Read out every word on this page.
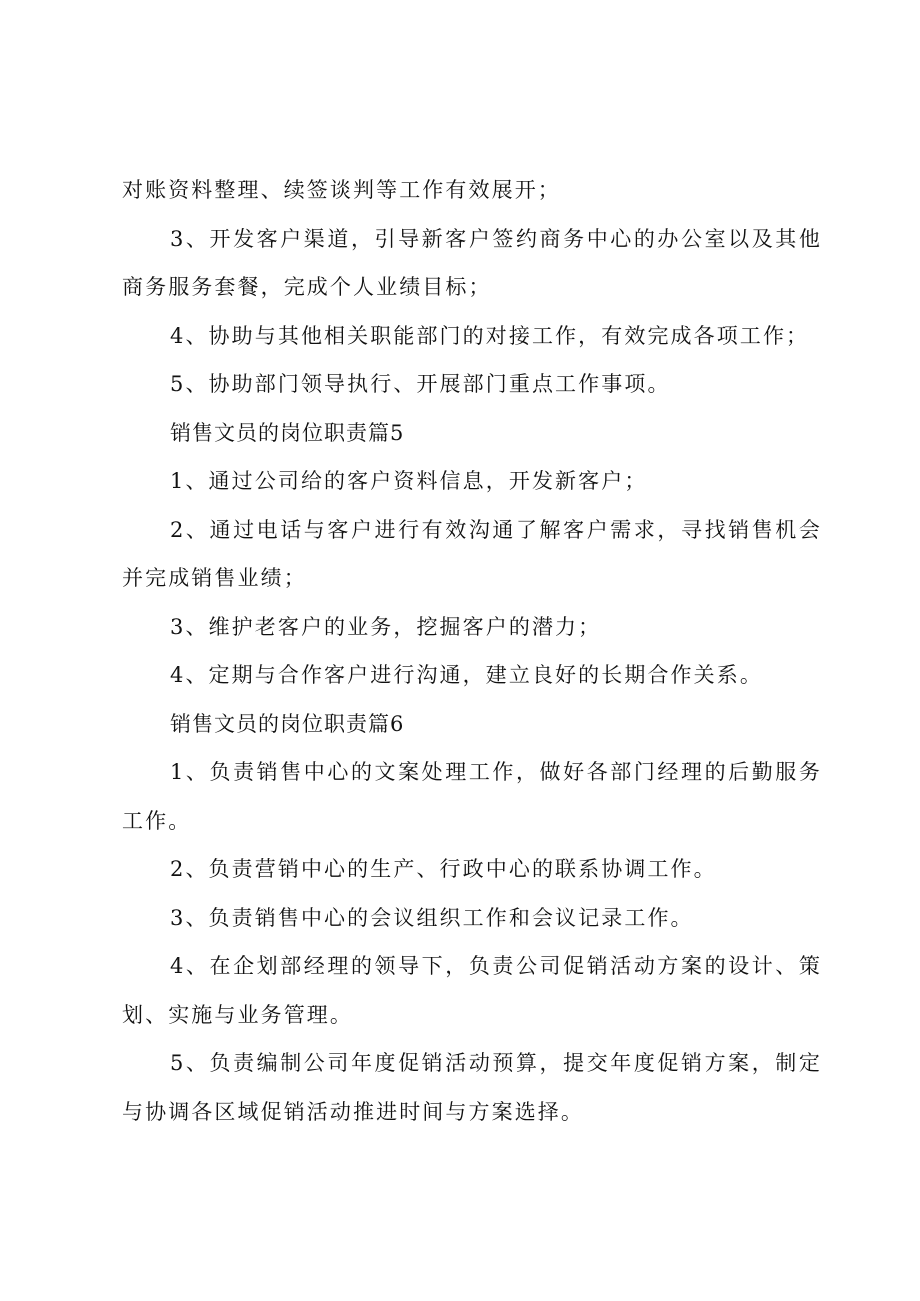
对账资料整理、续签谈判等工作有效展开；

3、开发客户渠道，引导新客户签约商务中心的办公室以及其他商务服务套餐，完成个人业绩目标；

4、协助与其他相关职能部门的对接工作，有效完成各项工作；

5、协助部门领导执行、开展部门重点工作事项。

销售文员的岗位职责篇5

1、通过公司给的客户资料信息，开发新客户；

2、通过电话与客户进行有效沟通了解客户需求，寻找销售机会并完成销售业绩；

3、维护老客户的业务，挖掘客户的潜力；

4、定期与合作客户进行沟通，建立良好的长期合作关系。

销售文员的岗位职责篇6

1、负责销售中心的文案处理工作，做好各部门经理的后勤服务工作。

2、负责营销中心的生产、行政中心的联系协调工作。

3、负责销售中心的会议组织工作和会议记录工作。

4、在企划部经理的领导下，负责公司促销活动方案的设计、策划、实施与业务管理。

5、负责编制公司年度促销活动预算，提交年度促销方案，制定与协调各区域促销活动推进时间与方案选择。
